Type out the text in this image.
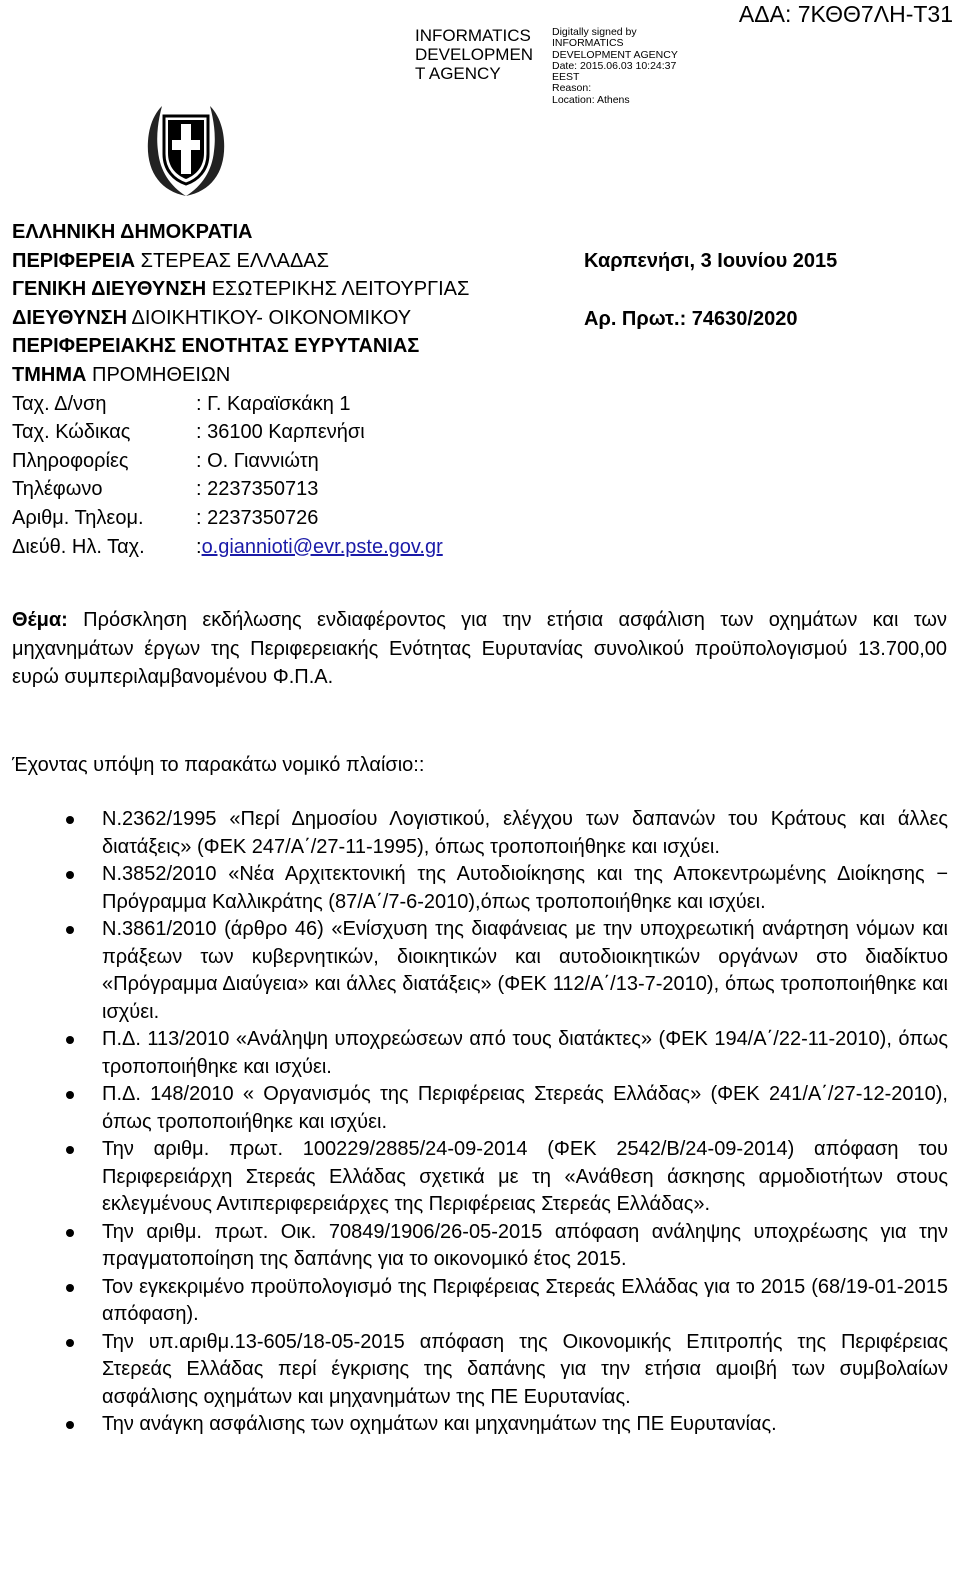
INFORMATICS
DEVELOPMEN
T AGENCY
Digitally signed by
INFORMATICS
DEVELOPMENT AGENCY
Date: 2015.06.03 10:24:37
EEST
Reason:
Location: Athens
ΑΔΑ: 7ΚΘΘ7ΛΗ-Τ31
ΕΛΛΗΝΙΚΗ ΔΗΜΟΚΡΑΤΙΑ
ΠΕΡΙΦΕΡΕΙΑ ΣΤΕΡΕΑΣ ΕΛΛΑΔΑΣ
ΓΕΝΙΚΗ ΔΙΕΥΘΥΝΣΗ ΕΣΩΤΕΡΙΚΗΣ ΛΕΙΤΟΥΡΓΙΑΣ
ΔΙΕΥΘΥΝΣΗ ΔΙΟΙΚΗΤΙΚΟΥ- ΟΙΚΟΝΟΜΙΚΟΥ
ΠΕΡΙΦΕΡΕΙΑΚΗΣ ΕΝΟΤΗΤΑΣ ΕΥΡΥΤΑΝΙΑΣ
ΤΜΗΜΑ ΠΡΟΜΗΘΕΙΩΝ
Ταχ. Δ/νση	: Γ. Καραϊσκάκη 1
Ταχ. Κώδικας	: 36100 Καρπενήσι
Πληροφορίες	: Ο. Γιαννιώτη
Τηλέφωνο	: 2237350713
Αριθμ. Τηλεομ.	: 2237350726
Διεύθ. Ηλ. Ταχ.	: o.giannioti@evr.pste.gov.gr
Καρπενήσι, 3 Ιουνίου 2015
Αρ. Πρωτ.: 74630/2020
Θέμα: Πρόσκληση εκδήλωσης ενδιαφέροντος για την ετήσια ασφάλιση των οχημάτων και των μηχανημάτων έργων της Περιφερειακής Ενότητας Ευρυτανίας συνολικού προϋπολογισμού 13.700,00 ευρώ συμπεριλαμβανομένου Φ.Π.Α.
Έχοντας υπόψη το παρακάτω νομικό πλαίσιο::
Ν.2362/1995 «Περί Δημοσίου Λογιστικού, ελέγχου των δαπανών του Κράτους και άλλες διατάξεις» (ΦΕΚ 247/Α΄/27-11-1995), όπως τροποποιήθηκε και ισχύει.
Ν.3852/2010 «Νέα Αρχιτεκτονική της Αυτοδιοίκησης και της Αποκεντρωμένης Διοίκησης − Πρόγραμμα Καλλικράτης (87/Α΄/7-6-2010),όπως τροποποιήθηκε και ισχύει.
Ν.3861/2010 (άρθρο 46) «Ενίσχυση της διαφάνειας με την υποχρεωτική ανάρτηση νόμων και πράξεων των κυβερνητικών, διοικητικών και αυτοδιοικητικών οργάνων στο διαδίκτυο «Πρόγραμμα Διαύγεια» και άλλες διατάξεις» (ΦΕΚ 112/Α΄/13-7-2010), όπως τροποποιήθηκε και ισχύει.
Π.Δ. 113/2010 «Ανάληψη υποχρεώσεων από τους διατάκτες» (ΦΕΚ 194/Α΄/22-11-2010), όπως τροποποιήθηκε και ισχύει.
Π.Δ. 148/2010 « Οργανισμός της Περιφέρειας Στερεάς Ελλάδας» (ΦΕΚ 241/Α΄/27-12-2010), όπως τροποποιήθηκε και ισχύει.
Την αριθμ. πρωτ. 100229/2885/24-09-2014 (ΦΕΚ 2542/Β/24-09-2014) απόφαση του Περιφερειάρχη Στερεάς Ελλάδας σχετικά με τη «Ανάθεση άσκησης αρμοδιοτήτων στους εκλεγμένους Αντιπεριφερειάρχες της Περιφέρειας Στερεάς Ελλάδας».
Την αριθμ. πρωτ. Οικ. 70849/1906/26-05-2015 απόφαση ανάληψης υποχρέωσης για την πραγματοποίηση της δαπάνης για το οικονομικό έτος 2015.
Τον εγκεκριμένο προϋπολογισμό της Περιφέρειας Στερεάς Ελλάδας για το 2015 (68/19-01-2015 απόφαση).
Την υπ.αριθμ.13-605/18-05-2015 απόφαση της Οικονομικής Επιτροπής της Περιφέρειας Στερεάς Ελλάδας περί έγκρισης της δαπάνης για την ετήσια αμοιβή των συμβολαίων ασφάλισης οχημάτων και μηχανημάτων της ΠΕ Ευρυτανίας.
Την ανάγκη ασφάλισης των οχημάτων και μηχανημάτων της ΠΕ Ευρυτανίας.
